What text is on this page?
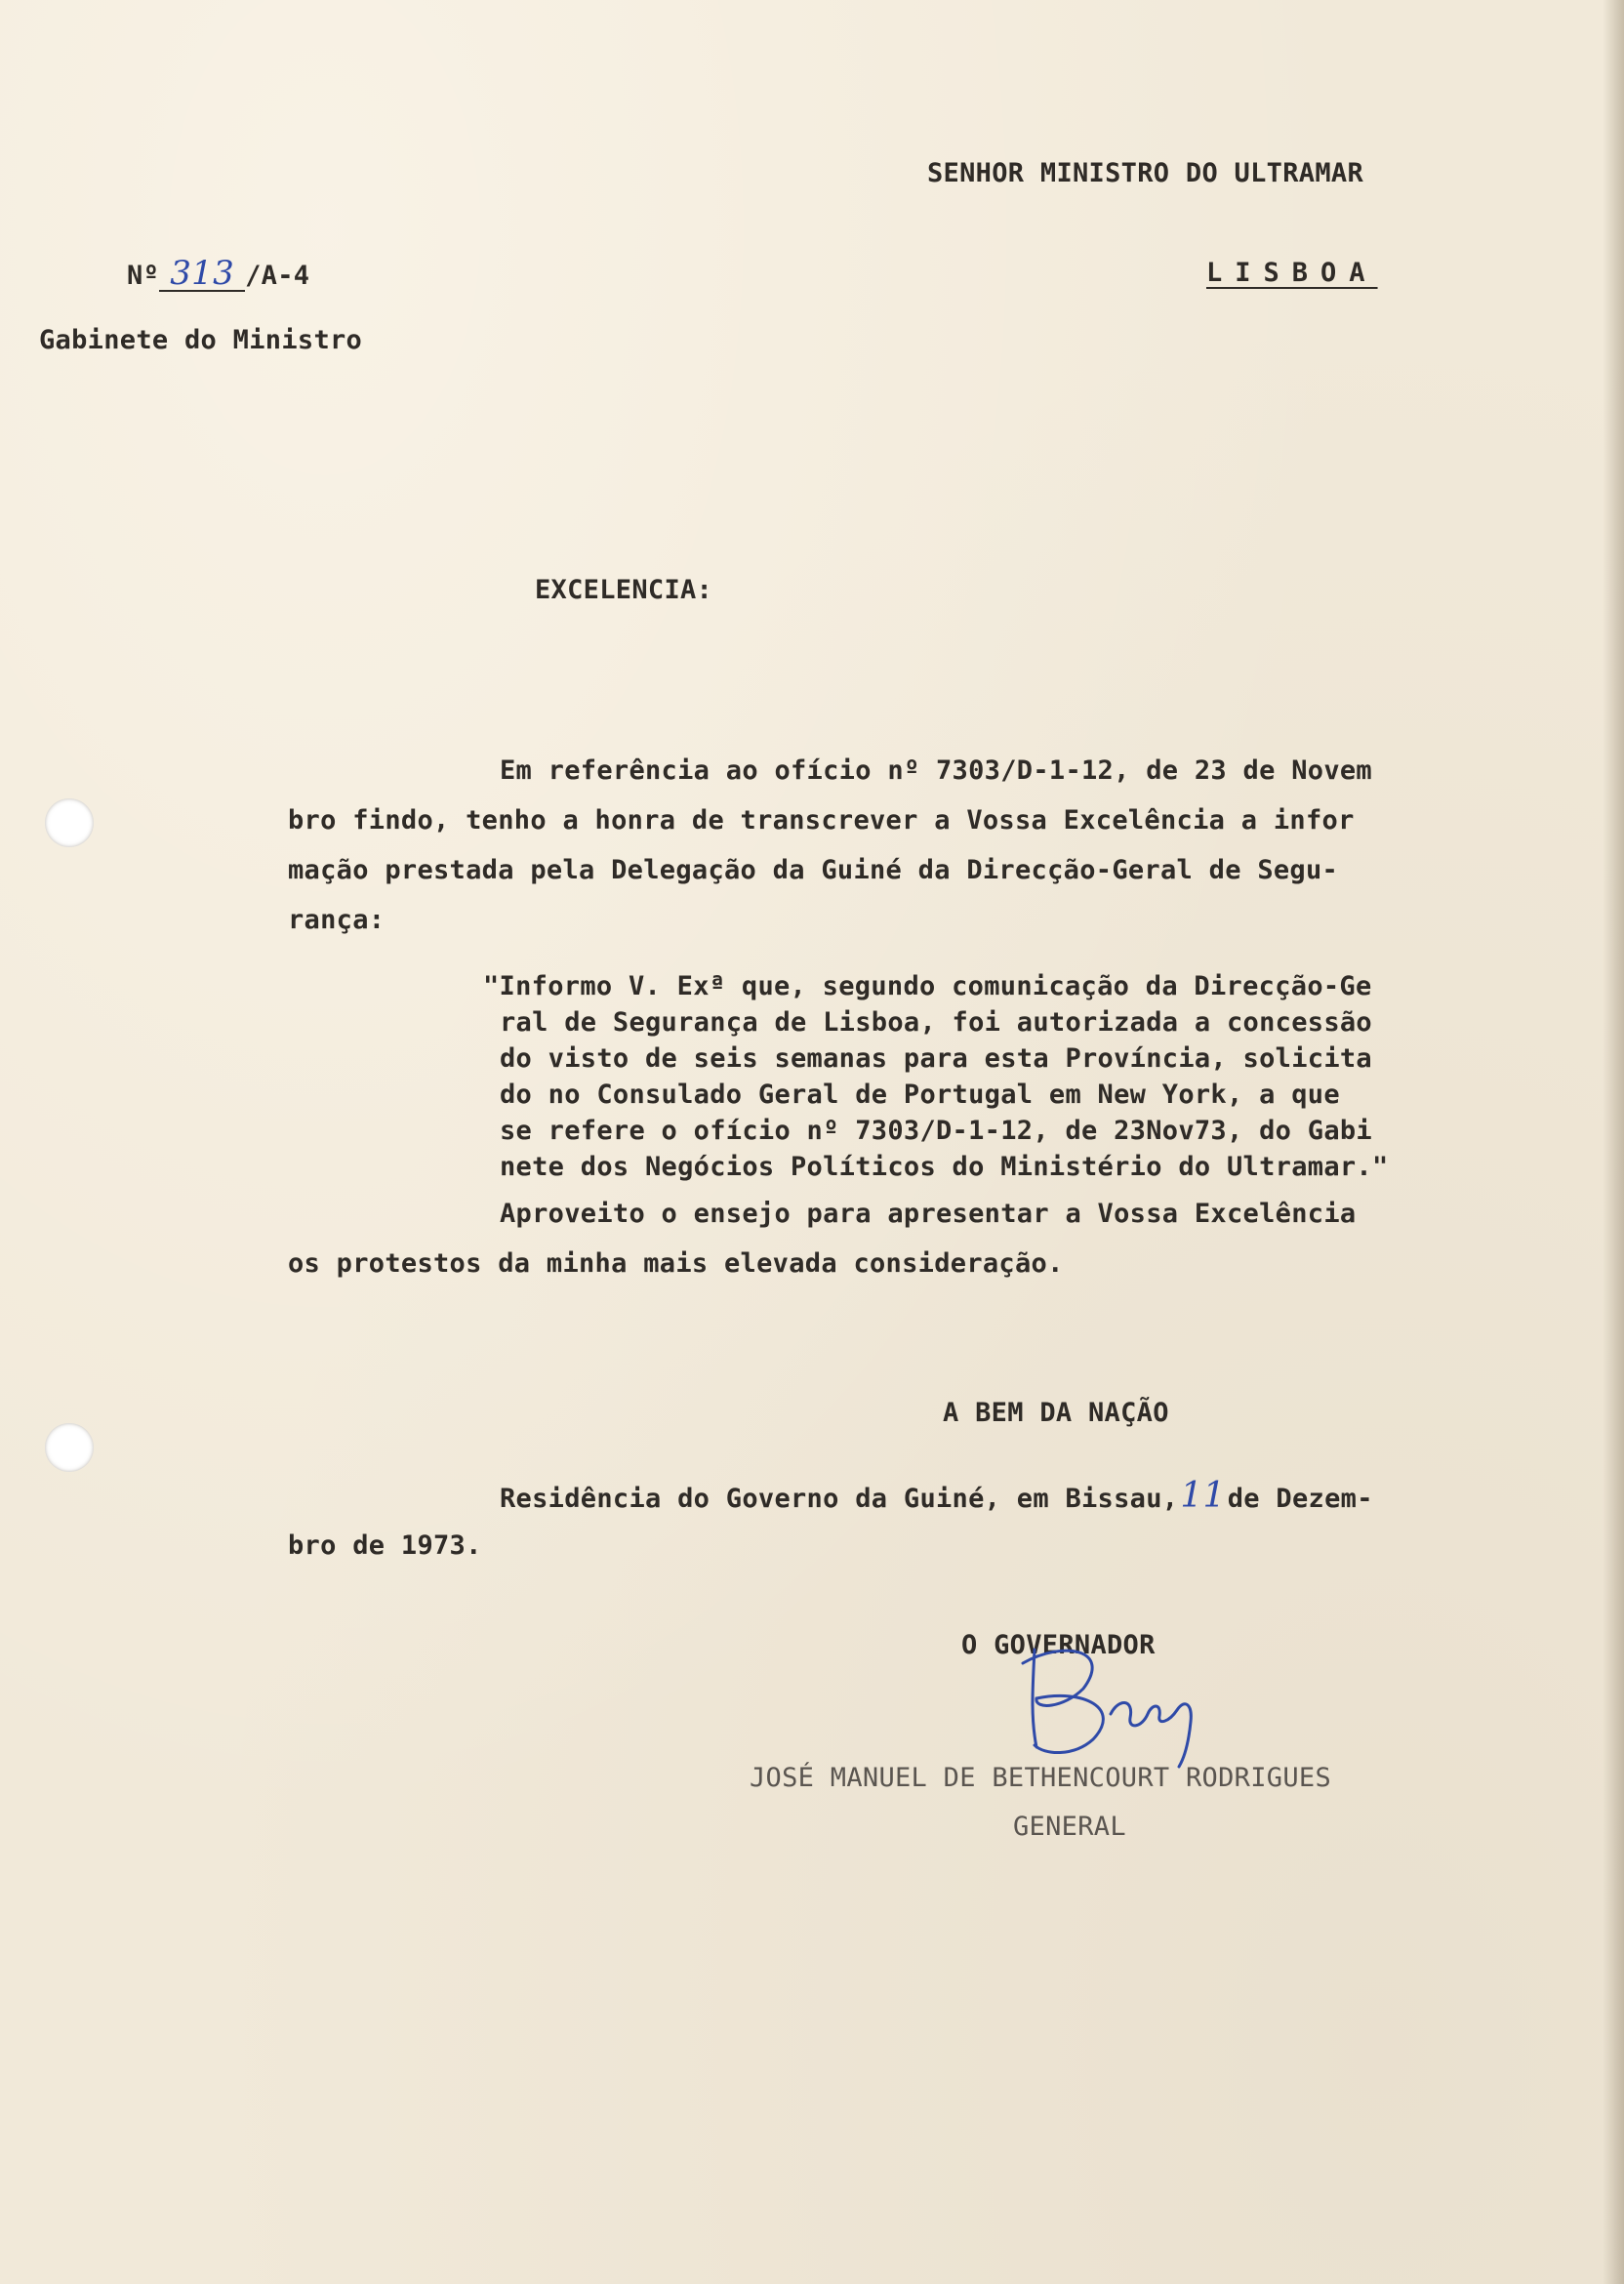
SENHOR MINISTRO DO ULTRAMAR
Nº 313 /A-4	LISBOA
Gabinete do Ministro
EXCELENCIA:
Em referência ao ofício nº 7303/D-1-12, de 23 de Novem
bro findo, tenho a honra de transcrever a Vossa Excelência a infor
mação prestada pela Delegação da Guiné da Direcção-Geral de Segu-
rança:
"Informo V. Exª que, segundo comunicação da Direcção-Ge
ral de Segurança de Lisboa, foi autorizada a concessão
do visto de seis semanas para esta Província, solicita
do no Consulado Geral de Portugal em New York, a que
se refere o ofício nº 7303/D-1-12, de 23Nov73, do Gabi
nete dos Negócios Políticos do Ministério do Ultramar."
Aproveito o ensejo para apresentar a Vossa Excelência
os protestos da minha mais elevada consideração.
A BEM DA NAÇÃO
Residência do Governo da Guiné, em Bissau,11de Dezem-
bro de 1973.
O GOVERNADOR
JOSÉ MANUEL DE BETHENCOURT RODRIGUES
GENERAL
